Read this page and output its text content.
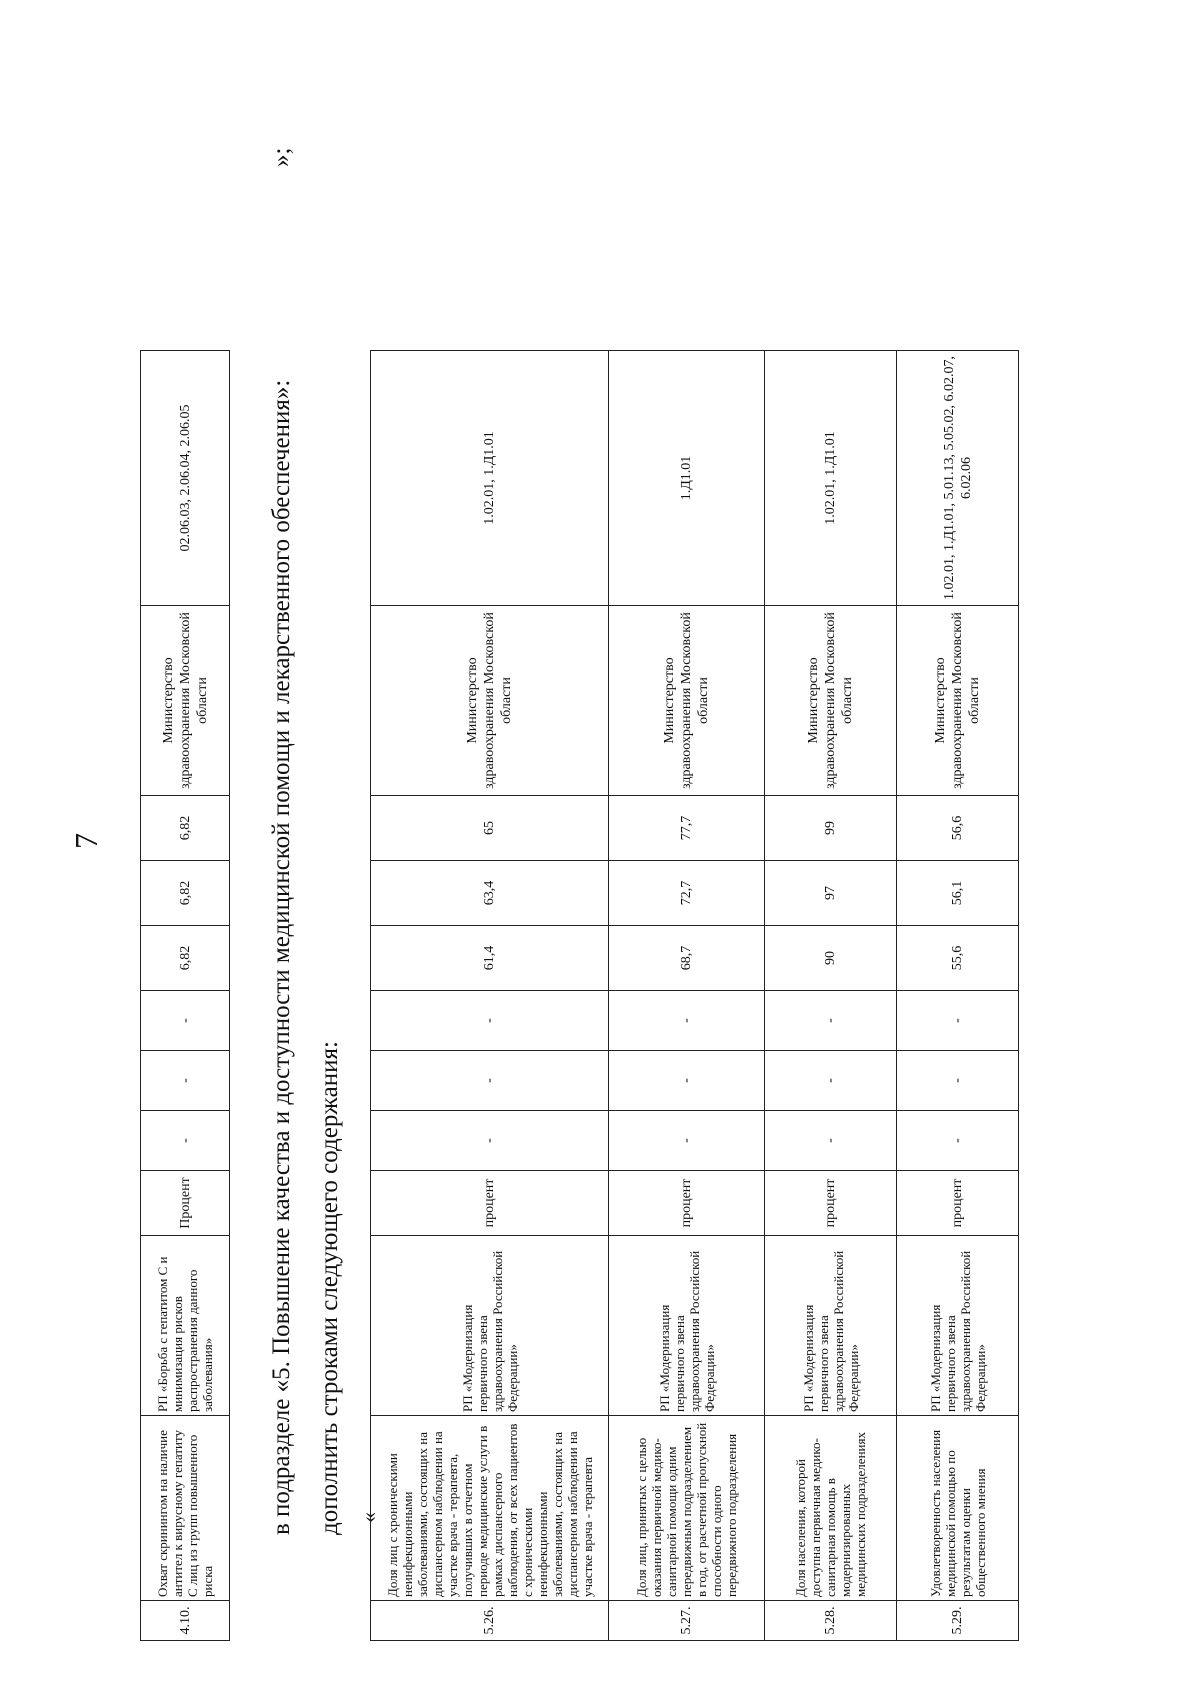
7
4.10.	Охват скринингом на наличие антител к вирусному гепатиту С лиц из групп повышенного риска	РП «Борьба с гепатитом С и минимизация рисков распространения данного заболевания»	Процент	-	-	-	6,82	6,82	6,82	Министерство здравоохранения Московской области	02.06.03, 2.06.04, 2.06.05
»;
в подразделе «5. Повышение качества и доступности медицинской помощи и лекарственного обеспечения»: дополнить строками следующего содержания: «
5.26.	Доля лиц с хроническими неинфекционными заболеваниями, состоящих на диспансерном наблюдении на участке врача - терапевта, получивших в отчетном периоде медицинские услуги в рамках диспансерного наблюдения, от всех пациентов с хроническими неинфекционными заболеваниями, состоящих на диспансерном наблюдении на участке врача - терапевта	РП «Модернизация первичного звена здравоохранения Российской Федерации»	процент	-	-	-	61,4	63,4	65	Министерство здравоохранения Московской области	1.02.01, 1.Д1.01
5.27.	Доля лиц, принятых с целью оказания первичной медико-санитарной помощи одним передвижным подразделением в год, от расчетной пропускной способности одного передвижного подразделения	РП «Модернизация первичного звена здравоохранения Российской Федерации»	процент	-	-	-	68,7	72,7	77,7	Министерство здравоохранения Московской области	1.Д1.01
5.28.	Доля населения, которой доступна первичная медико-санитарная помощь в модернизированных медицинских подразделениях	РП «Модернизация первичного звена здравоохранения Российской Федерации»	процент	-	-	-	90	97	99	Министерство здравоохранения Московской области	1.02.01, 1.Д1.01
5.29.	Удовлетворенность населения медицинской помощью по результатам оценки общественного мнения	РП «Модернизация первичного звена здравоохранения Российской Федерации»	процент	-	-	-	55,6	56,1	56,6	Министерство здравоохранения Московской области	1.02.01, 1.Д1.01, 5.01.13, 5.05.02, 6.02.07, 6.02.06
